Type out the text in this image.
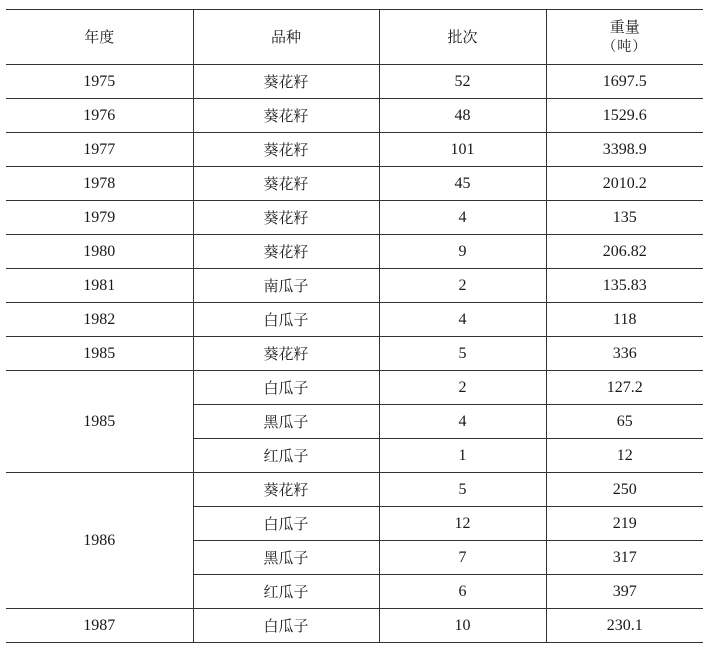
年度	品种	批次	重量
（吨）

1975	葵花籽	52	1697.5
1976	葵花籽	48	1529.6
1977	葵花籽	101	3398.9
1978	葵花籽	45	2010.2
1979	葵花籽	4	135
1980	葵花籽	9	206.82
1981	南瓜子	2	135.83
1982	白瓜子	4	118
1985	葵花籽	5	336
1985	白瓜子	2	127.2
	黑瓜子	4	65
	红瓜子	1	12
1986	葵花籽	5	250
	白瓜子	12	219
	黑瓜子	7	317
	红瓜子	6	397
1987	白瓜子	10	230.1
